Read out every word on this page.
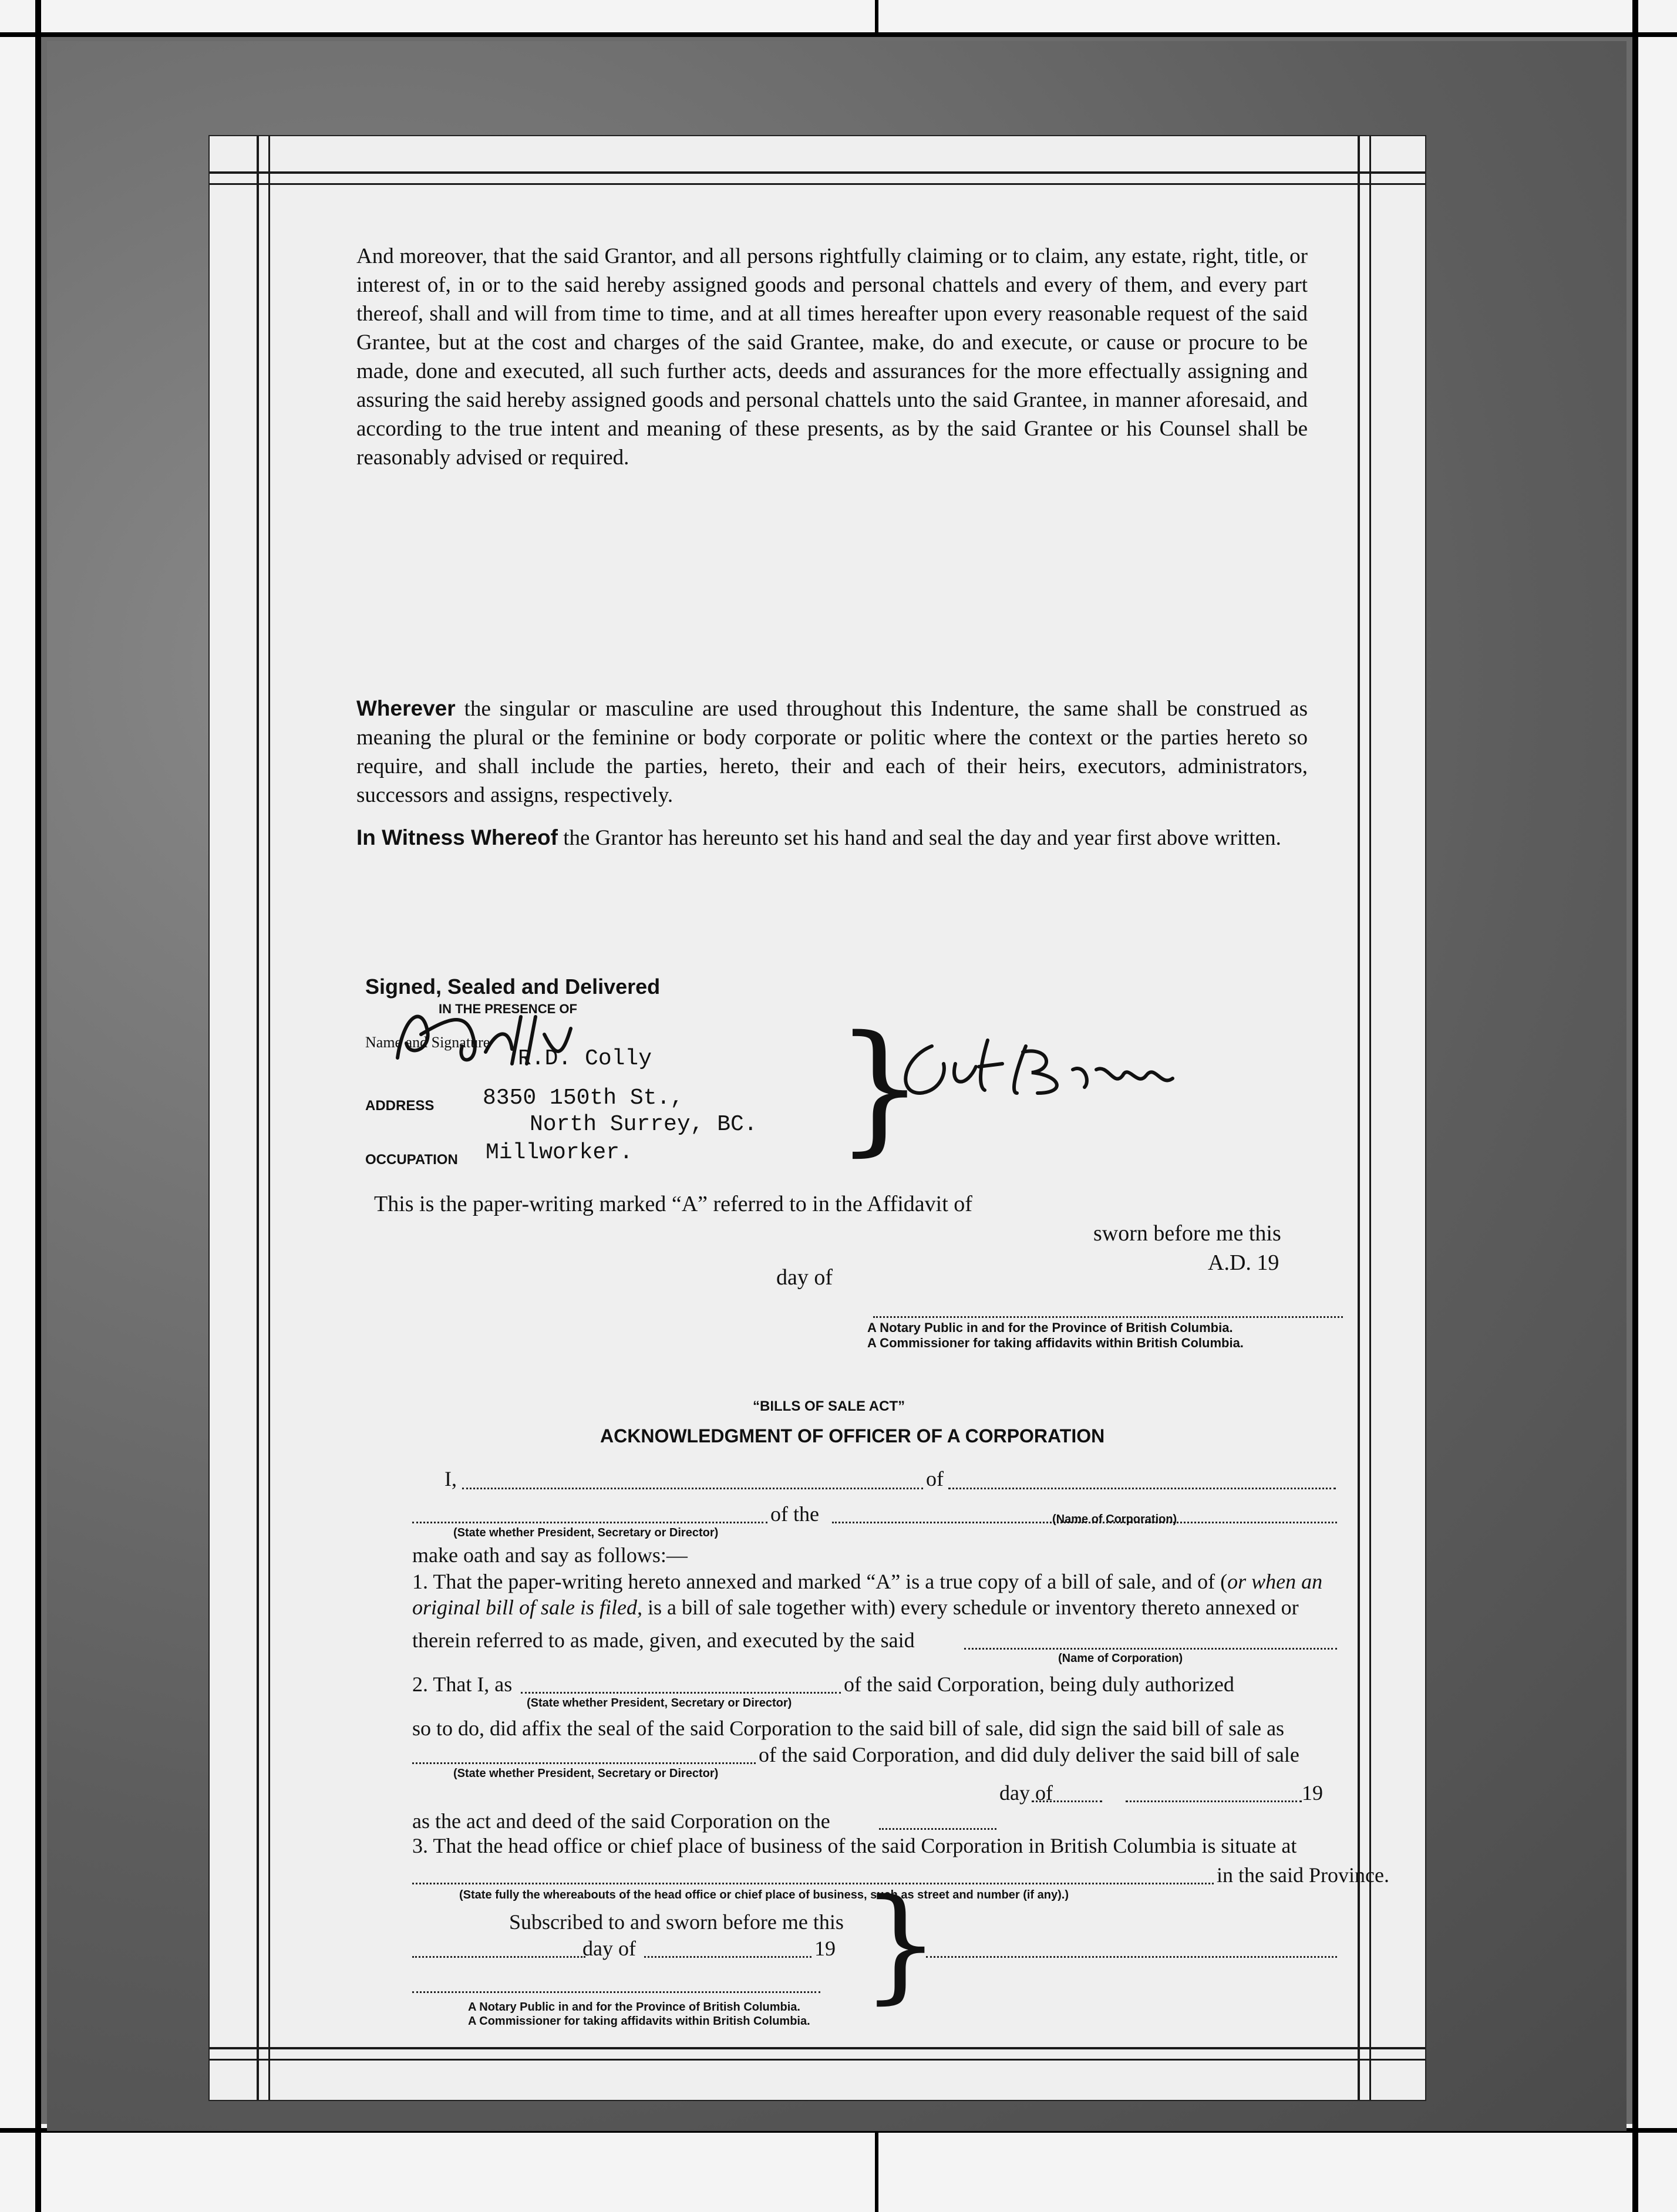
And moreover, that the said Grantor, and all persons rightfully claiming or to claim, any estate, right, title, or interest of, in or to the said hereby assigned goods and personal chattels and every of them, and every part thereof, shall and will from time to time, and at all times hereafter upon every reasonable request of the said Grantee, but at the cost and charges of the said Grantee, make, do and execute, or cause or procure to be made, done and executed, all such further acts, deeds and assurances for the more effectually assigning and assuring the said hereby assigned goods and personal chattels unto the said Grantee, in manner aforesaid, and according to the true intent and meaning of these presents, as by the said Grantee or his Counsel shall be reasonably advised or required.
Wherever the singular or masculine are used throughout this Indenture, the same shall be construed as meaning the plural or the feminine or body corporate or politic where the context or the parties hereto so require, and shall include the parties, hereto, their and each of their heirs, executors, administrators, successors and assigns, respectively.
In Witness Whereof the Grantor has hereunto set his hand and seal the day and year first above written.
Signed, Sealed and Delivered
IN THE PRESENCE OF
Name and Signature
R.D. Colly
ADDRESS 8350 150th St.,
North Surrey, BC.
OCCUPATION Millworker. }
This is the paper-writing marked “A” referred to in the Affidavit of
sworn before me this
A.D. 19
day of
A Notary Public in and for the Province of British Columbia.
A Commissioner for taking affidavits within British Columbia.
“BILLS OF SALE ACT”
ACKNOWLEDGMENT OF OFFICER OF A CORPORATION
I,	of
of the
(State whether President, Secretary or Director)
(Name of Corporation)
make oath and say as follows:—
1. That the paper-writing hereto annexed and marked “A” is a true copy of a bill of sale, and of (or when an original bill of sale is filed, is a bill of sale together with) every schedule or inventory thereto annexed or
therein referred to as made, given, and executed by the said
(Name of Corporation)
2. That I, as	of the said Corporation, being duly authorized
(State whether President, Secretary or Director)
so to do, did affix the seal of the said Corporation to the said bill of sale, did sign the said bill of sale as
of the said Corporation, and did duly deliver the said bill of sale
(State whether President, Secretary or Director)
day of	19
as the act and deed of the said Corporation on the
3. That the head office or chief place of business of the said Corporation in British Columbia is situate at
in the said Province.
(State fully the whereabouts of the head office or chief place of business, such as street and number (if any).)
Subscribed to and sworn before me this
day of	19 }
A Notary Public in and for the Province of British Columbia.
A Commissioner for taking affidavits within British Columbia.
